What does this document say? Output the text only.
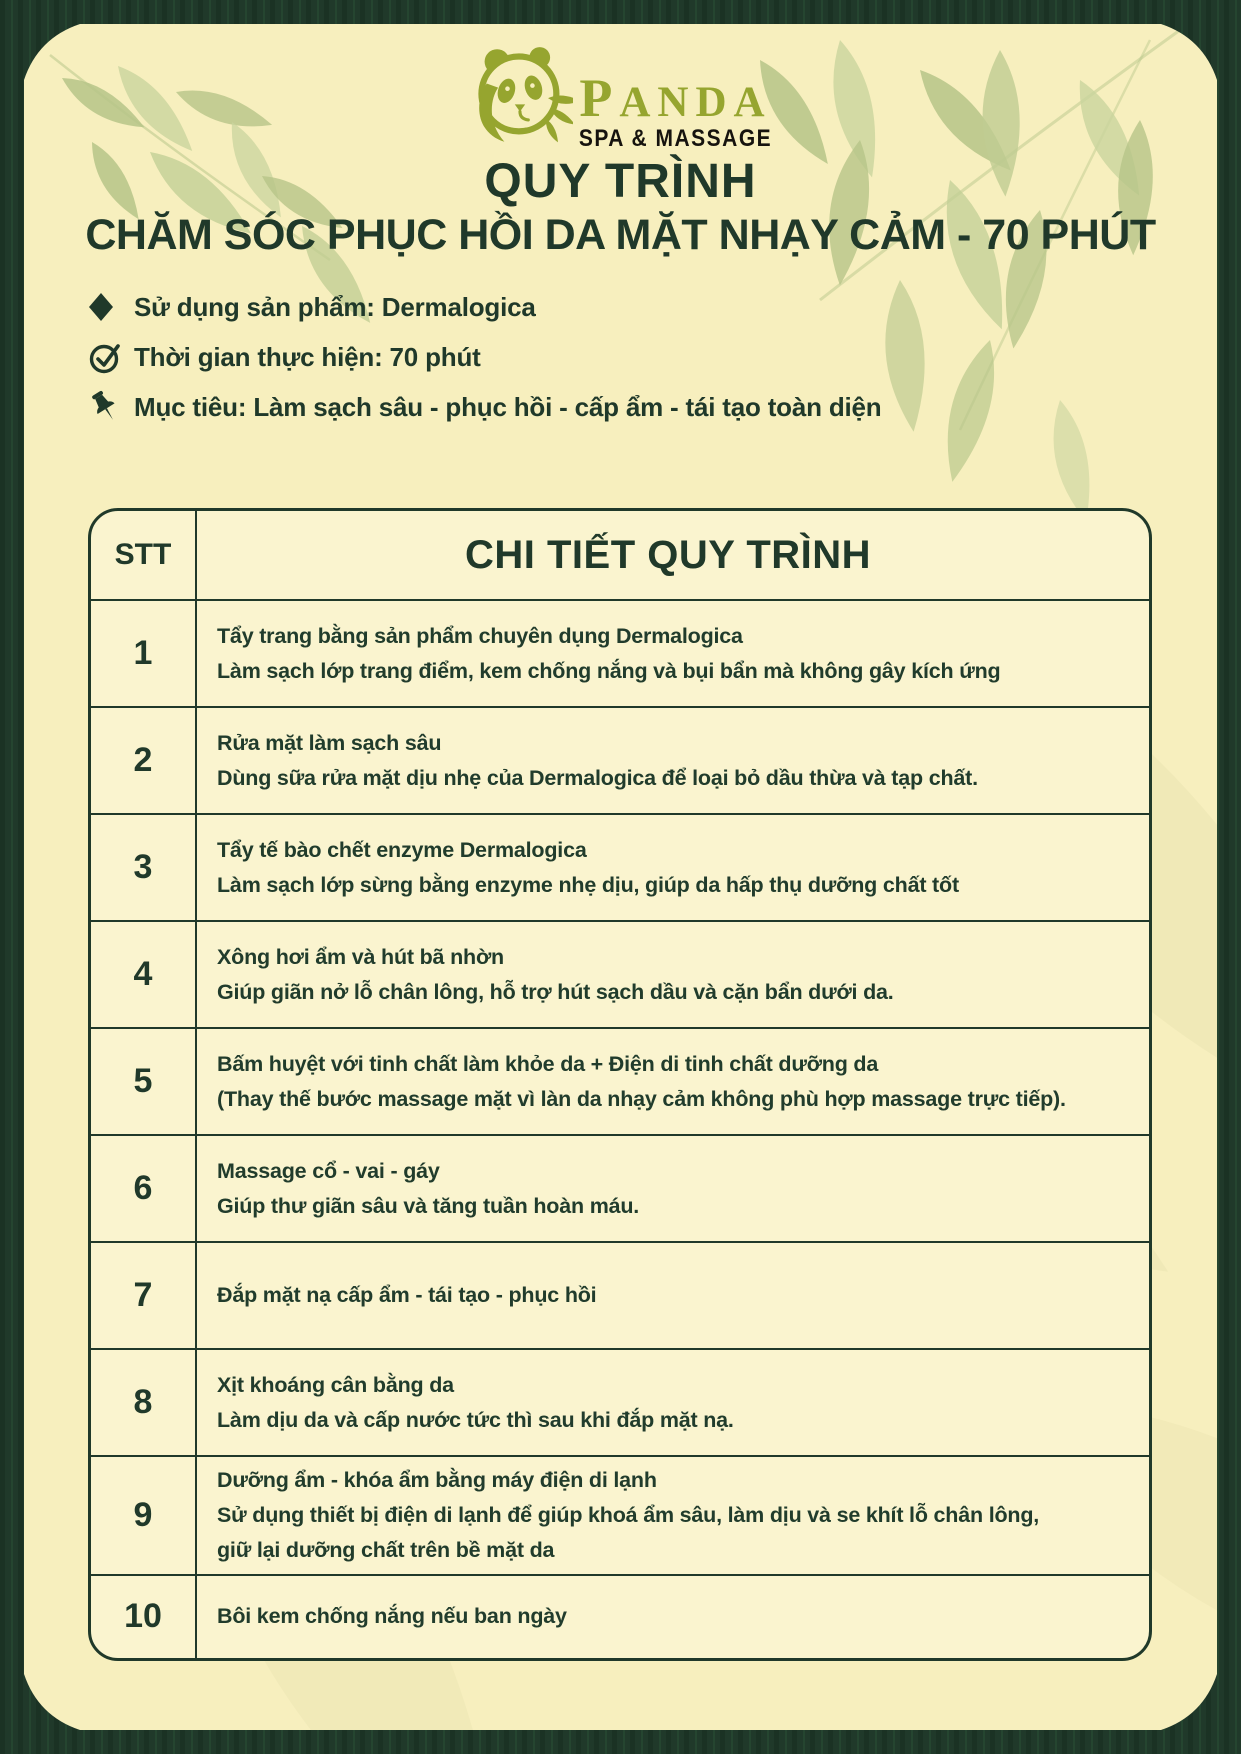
PANDA
SPA & MASSAGE
QUY TRÌNH
CHĂM SÓC PHỤC HỒI DA MẶT NHẠY CẢM - 70 PHÚT
Sử dụng sản phẩm: Dermalogica
Thời gian thực hiện: 70 phút
Mục tiêu: Làm sạch sâu - phục hồi - cấp ẩm - tái tạo toàn diện
STT	CHI TIẾT QUY TRÌNH
1	Tẩy trang bằng sản phẩm chuyên dụng Dermalogica
Làm sạch lớp trang điểm, kem chống nắng và bụi bẩn mà không gây kích ứng
2	Rửa mặt làm sạch sâu
Dùng sữa rửa mặt dịu nhẹ của Dermalogica để loại bỏ dầu thừa và tạp chất.
3	Tẩy tế bào chết enzyme Dermalogica
Làm sạch lớp sừng bằng enzyme nhẹ dịu, giúp da hấp thụ dưỡng chất tốt
4	Xông hơi ẩm và hút bã nhờn
Giúp giãn nở lỗ chân lông, hỗ trợ hút sạch dầu và cặn bẩn dưới da.
5	Bấm huyệt với tinh chất làm khỏe da + Điện di tinh chất dưỡng da
(Thay thế bước massage mặt vì làn da nhạy cảm không phù hợp massage trực tiếp).
6	Massage cổ - vai - gáy
Giúp thư giãn sâu và tăng tuần hoàn máu.
7	Đắp mặt nạ cấp ẩm - tái tạo - phục hồi
8	Xịt khoáng cân bằng da
Làm dịu da và cấp nước tức thì sau khi đắp mặt nạ.
9
Dưỡng ẩm - khóa ẩm bằng máy điện di lạnh
Sử dụng thiết bị điện di lạnh để giúp khoá ẩm sâu, làm dịu và se khít lỗ chân lông,
giữ lại dưỡng chất trên bề mặt da
10	Bôi kem chống nắng nếu ban ngày
